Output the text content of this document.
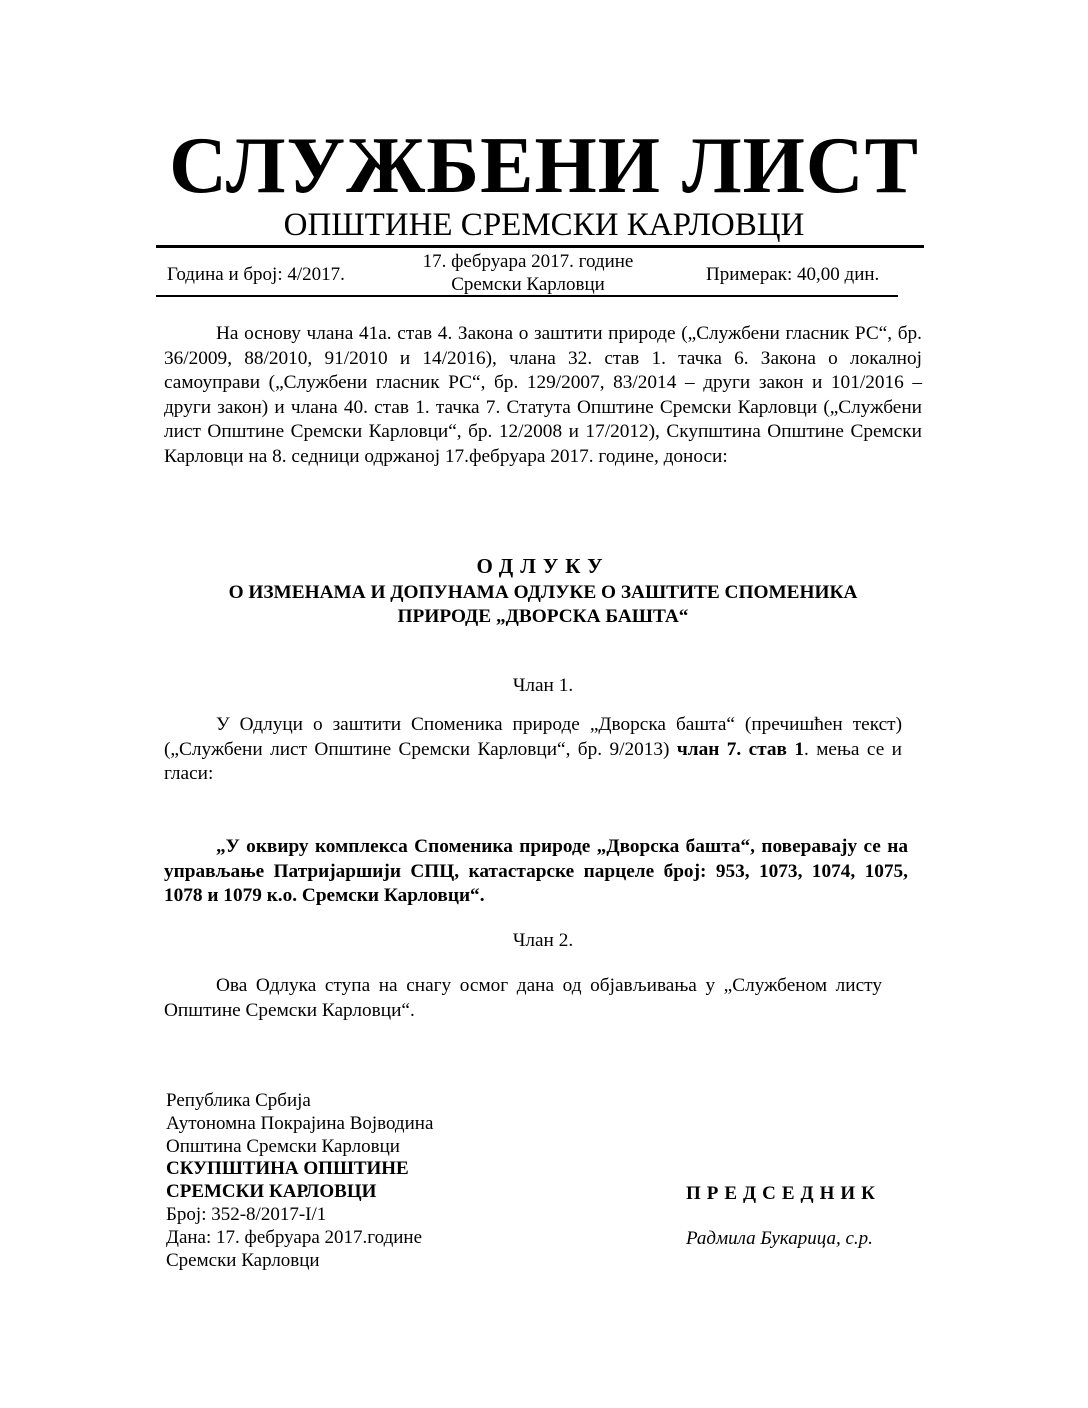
СЛУЖБЕНИ ЛИСТ
ОПШТИНЕ СРЕМСКИ КАРЛОВЦИ
Година и број: 4/2017.
17. фебруара 2017. године
Сремски Карловци	Примерак: 40,00 дин.
На основу члана 41а. став 4. Закона о заштити природе („Службени гласник РС“, бр. 36/2009, 88/2010, 91/2010 и 14/2016), члана 32. став 1. тачка 6. Закона о локалној самоуправи („Службени гласник РС“, бр. 129/2007, 83/2014 – други закон и 101/2016 – други закон) и члана 40. став 1. тачка 7. Статута Општине Сремски Карловци („Службени лист Општине Сремски Карловци“, бр. 12/2008 и 17/2012), Скупштина Општине Сремски Карловци на 8. седници одржаној 17.фебруара 2017. године, доноси:
ОДЛУКУ
О ИЗМЕНАМА И ДОПУНАМА ОДЛУКЕ О ЗАШТИТЕ СПОМЕНИКА
ПРИРОДЕ „ДВОРСКА БАШТА“
Члан 1.
У Одлуци о заштити Споменика природе „Дворска башта“ (пречишћен текст) („Службени лист Општине Сремски Карловци“, бр. 9/2013) члан 7. став 1. мења се и гласи:
„У оквиру комплекса Споменика природе „Дворска башта“, поверавају се на управљање Патријаршији СПЦ, катастарске парцеле број: 953, 1073, 1074, 1075, 1078 и 1079 к.о. Сремски Карловци“.
Члан 2.
Ова Одлука ступа на снагу осмог дана од објављивања у „Службеном листу Општине Сремски Карловци“.
Република Србија
Аутономна Покрајина Војводина
Општина Сремски Карловци
СКУПШТИНА ОПШТИНЕ
СРЕМСКИ КАРЛОВЦИ
Број: 352-8/2017-I/1
Дана: 17. фебруара 2017.године
Сремски Карловци
ПРЕДСЕДНИК
Радмила Букарица, с.р.
